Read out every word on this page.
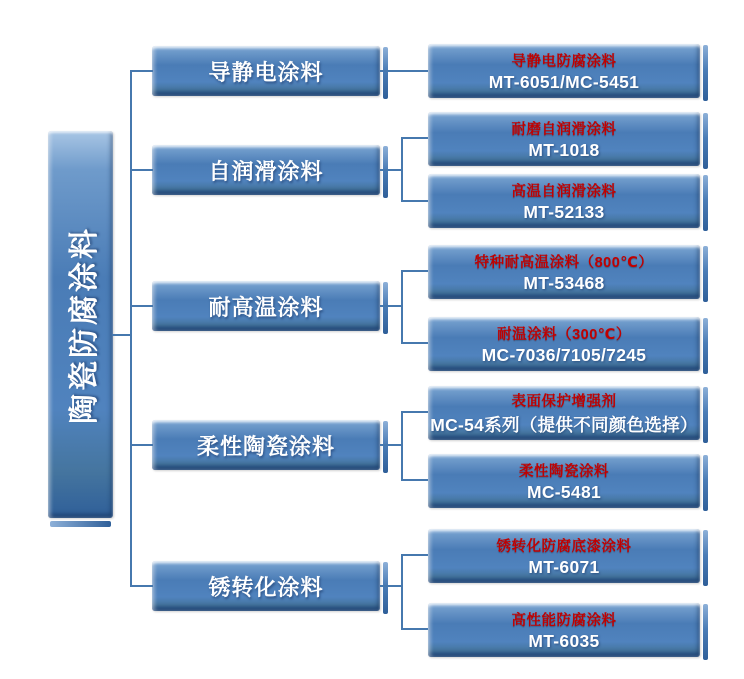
陶瓷防腐涂料
导静电涂料
自润滑涂料
耐高温涂料
柔性陶瓷涂料
锈转化涂料
导静电防腐涂料
MT-6051/MC-5451
耐磨自润滑涂料
MT-1018
高温自润滑涂料
MT-52133
特种耐高温涂料（800℃）
MT-53468
耐温涂料（300℃）
MC-7036/7105/7245
表面保护增强剂
MC-54系列（提供不同颜色选择）
柔性陶瓷涂料
MC-5481
锈转化防腐底漆涂料
MT-6071
高性能防腐涂料
MT-6035
